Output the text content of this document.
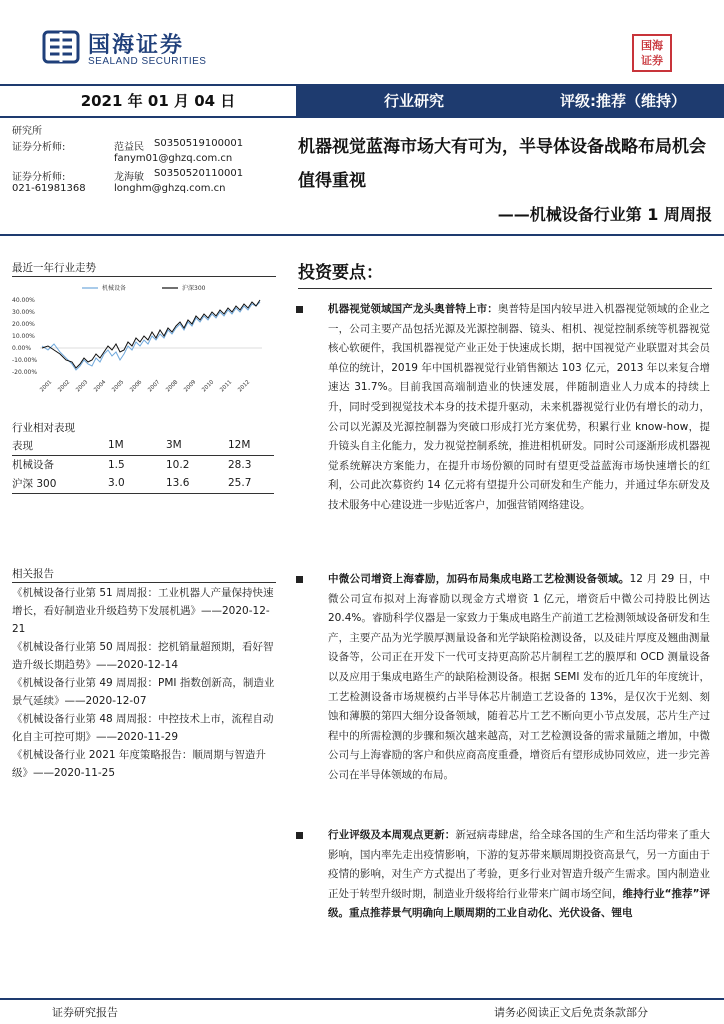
国海证券
SEALAND SECURITIES
国海
证券
2021 年 01 月 04 日	行业研究	评级:推荐（维持）
研究所
证券分析师:	范益民 S0350519100001
fanym01@ghzq.com.cn
证券分析师:	龙海敏 S0350520110001
021-61981368	longhm@ghzq.com.cn
最近一年行业走势
40.00%
30.00%
20.00%
10.00%
0.00%
-10.00%
-20.00%
机械设备	沪深300
2001 2002 2003 2004 2005 2006 2007 2008 2009 2010 2011 2012
行业相对表现
表现	1M	3M	12M
机械设备	1.5	10.2	28.3
沪深 300	3.0	13.6	25.7
相关报告

《机械设备行业第 51 周周报：工业机器人产量保持快速增长，看好制造业升级趋势下发展机遇》——2020-12-21

《机械设备行业第 50 周周报：挖机销量超预期，看好智造升级长期趋势》——2020-12-14

《机械设备行业第 49 周周报：PMI 指数创新高，制造业景气延续》——2020-12-07

《机械设备行业第 48 周周报：中控技术上市，流程自动化自主可控可期》——2020-11-29

《机械设备行业 2021 年度策略报告：顺周期与智造升级》——2020-11-25

机器视觉蓝海市场大有可为，半导体设备战略布局机会值得重视
——机械设备行业第 1 周周报
投资要点：
机器视觉领域国产龙头奥普特上市：奥普特是国内较早进入机器视觉领域的企业之一，公司主要产品包括光源及光源控制器、镜头、相机、视觉控制系统等机器视觉核心软硬件，我国机器视觉产业正处于快速成长期，据中国视觉产业联盟对其会员单位的统计，2019 年中国机器视觉行业销售额达 103 亿元，2013 年以来复合增速达 31.7%。目前我国高端制造业的快速发展，伴随制造业人力成本的持续上升，同时受到视觉技术本身的技术提升驱动，未来机器视觉行业仍有增长的动力，公司以光源及光源控制器为突破口形成打光方案优势，积累行业 know-how，提升镜头自主化能力，发力视觉控制系统，推进相机研发。同时公司逐渐形成机器视觉系统解决方案能力，在提升市场份额的同时有望更受益蓝海市场快速增长的红利，公司此次募资约 14 亿元将有望提升公司研发和生产能力，并通过华东研发及技术服务中心建设进一步贴近客户，加强营销网络建设。
中微公司增资上海睿励，加码布局集成电路工艺检测设备领域。12 月 29 日，中微公司宣布拟对上海睿励以现金方式增资 1 亿元，增资后中微公司持股比例达 20.4%。睿励科学仪器是一家致力于集成电路生产前道工艺检测领域设备研发和生产，主要产品为光学膜厚测量设备和光学缺陷检测设备，以及硅片厚度及翘曲测量设备等，公司正在开发下一代可支持更高阶芯片制程工艺的膜厚和 OCD 测量设备以及应用于集成电路生产的缺陷检测设备。根据 SEMI 发布的近几年的年度统计，工艺检测设备市场规模约占半导体芯片制造工艺设备的 13%，是仅次于光刻、刻蚀和薄膜的第四大细分设备领域，随着芯片工艺不断向更小节点发展，芯片生产过程中的所需检测的步骤和频次越来越高，对工艺检测设备的需求量随之增加，中微公司与上海睿励的客户和供应商高度重叠，增资后有望形成协同效应，进一步完善公司在半导体领域的布局。
行业评级及本周观点更新：新冠病毒肆虐，给全球各国的生产和生活均带来了重大影响，国内率先走出疫情影响，下游的复苏带来顺周期投资高景气，另一方面由于疫情的影响，对生产方式提出了考验，更多行业对智造升级产生需求。国内制造业正处于转型升级时期，制造业升级将给行业带来广阔市场空间，维持行业“推荐”评级。重点推荐景气明确向上顺周期的工业自动化、光伏设备、锂电
证券研究报告	请务必阅读正文后免责条款部分
